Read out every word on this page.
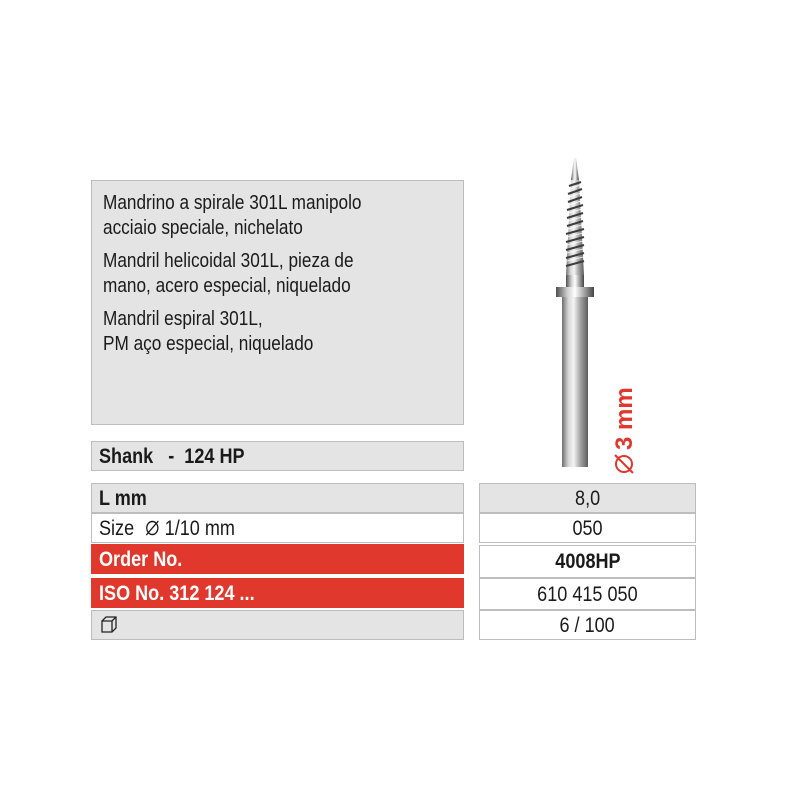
Mandrino a spirale 301L manipolo
acciaio speciale, nichelato

Mandril helicoidal 301L, pieza de
mano, acero especial, niquelado

Mandril espiral 301L,
PM aço especial, niquelado

Shank   -  124 HP
L mm
Size 1/10 mm
Order No.
ISO No. 312 124 ...
8,0
050
4008HP
610 415 050
6 / 100
3 mm
